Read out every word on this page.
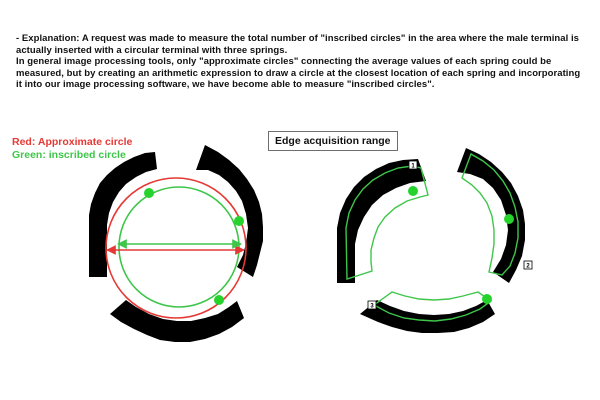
- Explanation: A request was made to measure the total number of "inscribed circles" in the area where the male terminal is actually inserted with a circular terminal with three springs.

In general image processing tools, only "approximate circles" connecting the average values of each spring could be measured, but by creating an arithmetic expression to draw a circle at the closest location of each spring and incorporating it into our image processing software, we have become able to measure "inscribed circles".

Red: Approximate circle
Green: inscribed circle
Edge acquisition range
1
2
3
